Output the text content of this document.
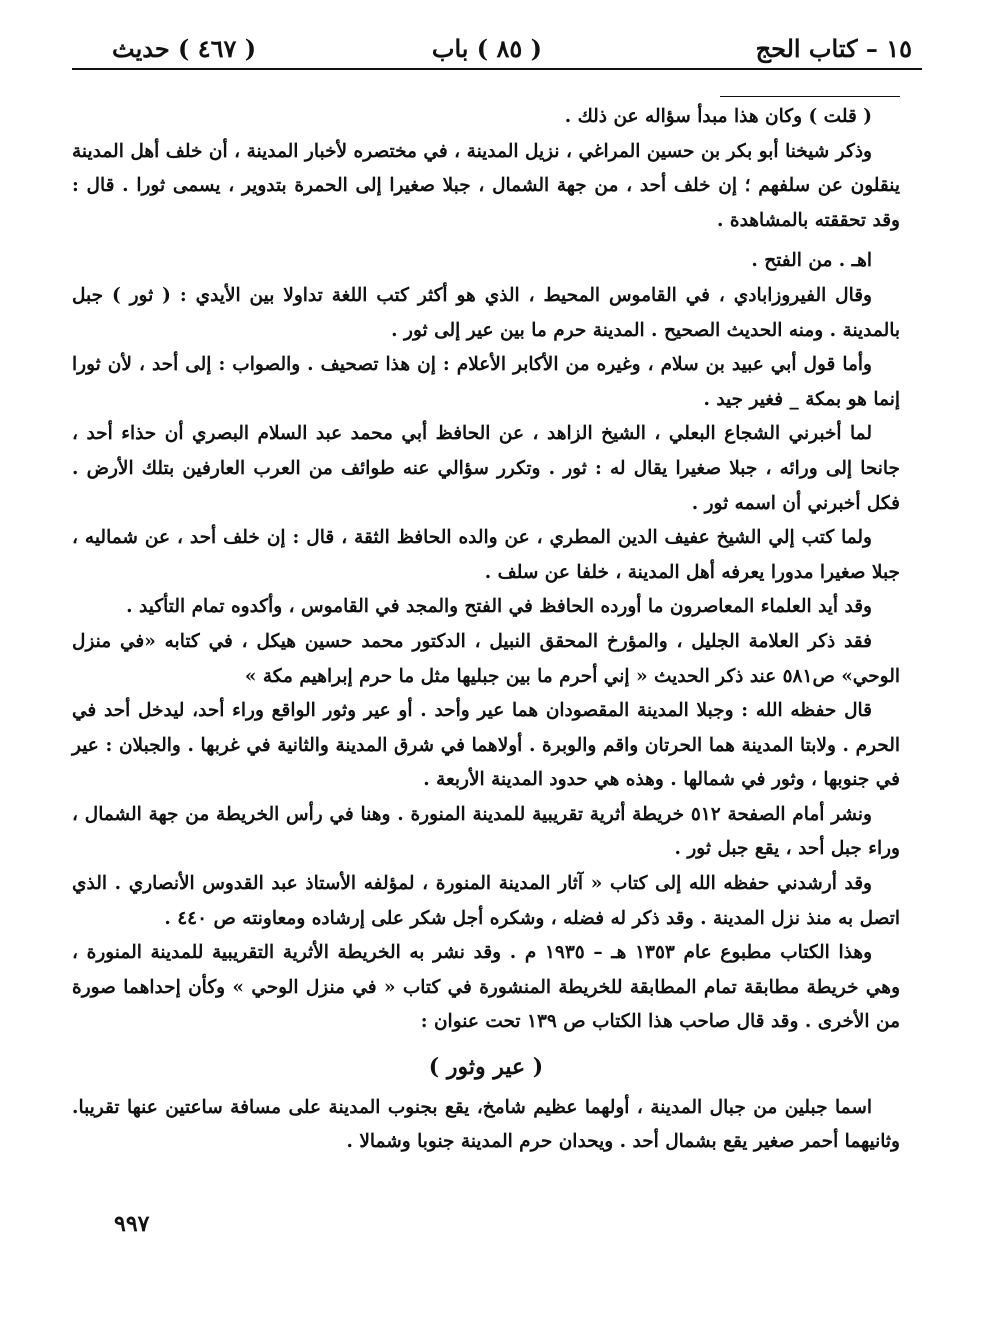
١٥ – كتاب الحج
( ٨٥ ) باب
( ٤٦٧ ) حديث

( قلت ) وكان هذا مبدأ سؤاله عن ذلك .

وذكر شيخنا أبو بكر بن حسين المراغي ، نزيل المدينة ، في مختصره لأخبار المدينة ، أن خلف أهل المدينة ينقلون عن سلفهم ؛ إن خلف أحد ، من جهة الشمال ، جبلا صغيرا إلى الحمرة بتدوير ، يسمى ثورا . قال : وقد تحققته بالمشاهدة .

اهـ . من الفتح .

وقال الفيروزابادي ، في القاموس المحيط ، الذي هو أكثر كتب اللغة تداولا بين الأيدي : ( ثور ) جبل بالمدينة . ومنه الحديث الصحيح . المدينة حرم ما بين عير إلى ثور .

وأما قول أبي عبيد بن سلام ، وغيره من الأكابر الأعلام : إن هذا تصحيف . والصواب : إلى أحد ، لأن ثورا إنما هو بمكة _ فغير جيد .

لما أخبرني الشجاع البعلي ، الشيخ الزاهد ، عن الحافظ أبي محمد عبد السلام البصري أن حذاء أحد ، جانحا إلى ورائه ، جبلا صغيرا يقال له : ثور . وتكرر سؤالي عنه طوائف من العرب العارفين بتلك الأرض . فكل أخبرني أن اسمه ثور .

ولما كتب إلي الشيخ عفيف الدين المطري ، عن والده الحافظ الثقة ، قال : إن خلف أحد ، عن شماليه ، جبلا صغيرا مدورا يعرفه أهل المدينة ، خلفا عن سلف .

وقد أيد العلماء المعاصرون ما أورده الحافظ في الفتح والمجد في القاموس ، وأكدوه تمام التأكيد .

فقد ذكر العلامة الجليل ، والمؤرخ المحقق النبيل ، الدكتور محمد حسين هيكل ، في كتابه «في منزل الوحي» ص٥٨١ عند ذكر الحديث « إني أحرم ما بين جبليها مثل ما حرم إبراهيم مكة »

قال حفظه الله : وجبلا المدينة المقصودان هما عير وأحد . أو عير وثور الواقع وراء أحد، ليدخل أحد في الحرم . ولابتا المدينة هما الحرتان واقم والوبرة . أولاهما في شرق المدينة والثانية في غربها . والجبلان : عير في جنوبها ، وثور في شمالها . وهذه هي حدود المدينة الأربعة .

ونشر أمام الصفحة ٥١٢ خريطة أثرية تقريبية للمدينة المنورة . وهنا في رأس الخريطة من جهة الشمال ، وراء جبل أحد ، يقع جبل ثور .

وقد أرشدني حفظه الله إلى كتاب « آثار المدينة المنورة ، لمؤلفه الأستاذ عبد القدوس الأنصاري . الذي اتصل به منذ نزل المدينة . وقد ذكر له فضله ، وشكره أجل شكر على إرشاده ومعاونته ص ٤٤٠ .

وهذا الكتاب مطبوع عام ١٣٥٣ هـ – ١٩٣٥ م . وقد نشر به الخريطة الأثرية التقريبية للمدينة المنورة ، وهي خريطة مطابقة تمام المطابقة للخريطة المنشورة في كتاب « في منزل الوحي » وكأن إحداهما صورة من الأخرى . وقد قال صاحب هذا الكتاب ص ١٣٩ تحت عنوان :

( عير وثور )

اسما جبلين من جبال المدينة ، أولهما عظيم شامخ، يقع بجنوب المدينة على مسافة ساعتين عنها تقريبا. وثانيهما أحمر صغير يقع بشمال أحد . ويحدان حرم المدينة جنوبا وشمالا .

٩٩٧
